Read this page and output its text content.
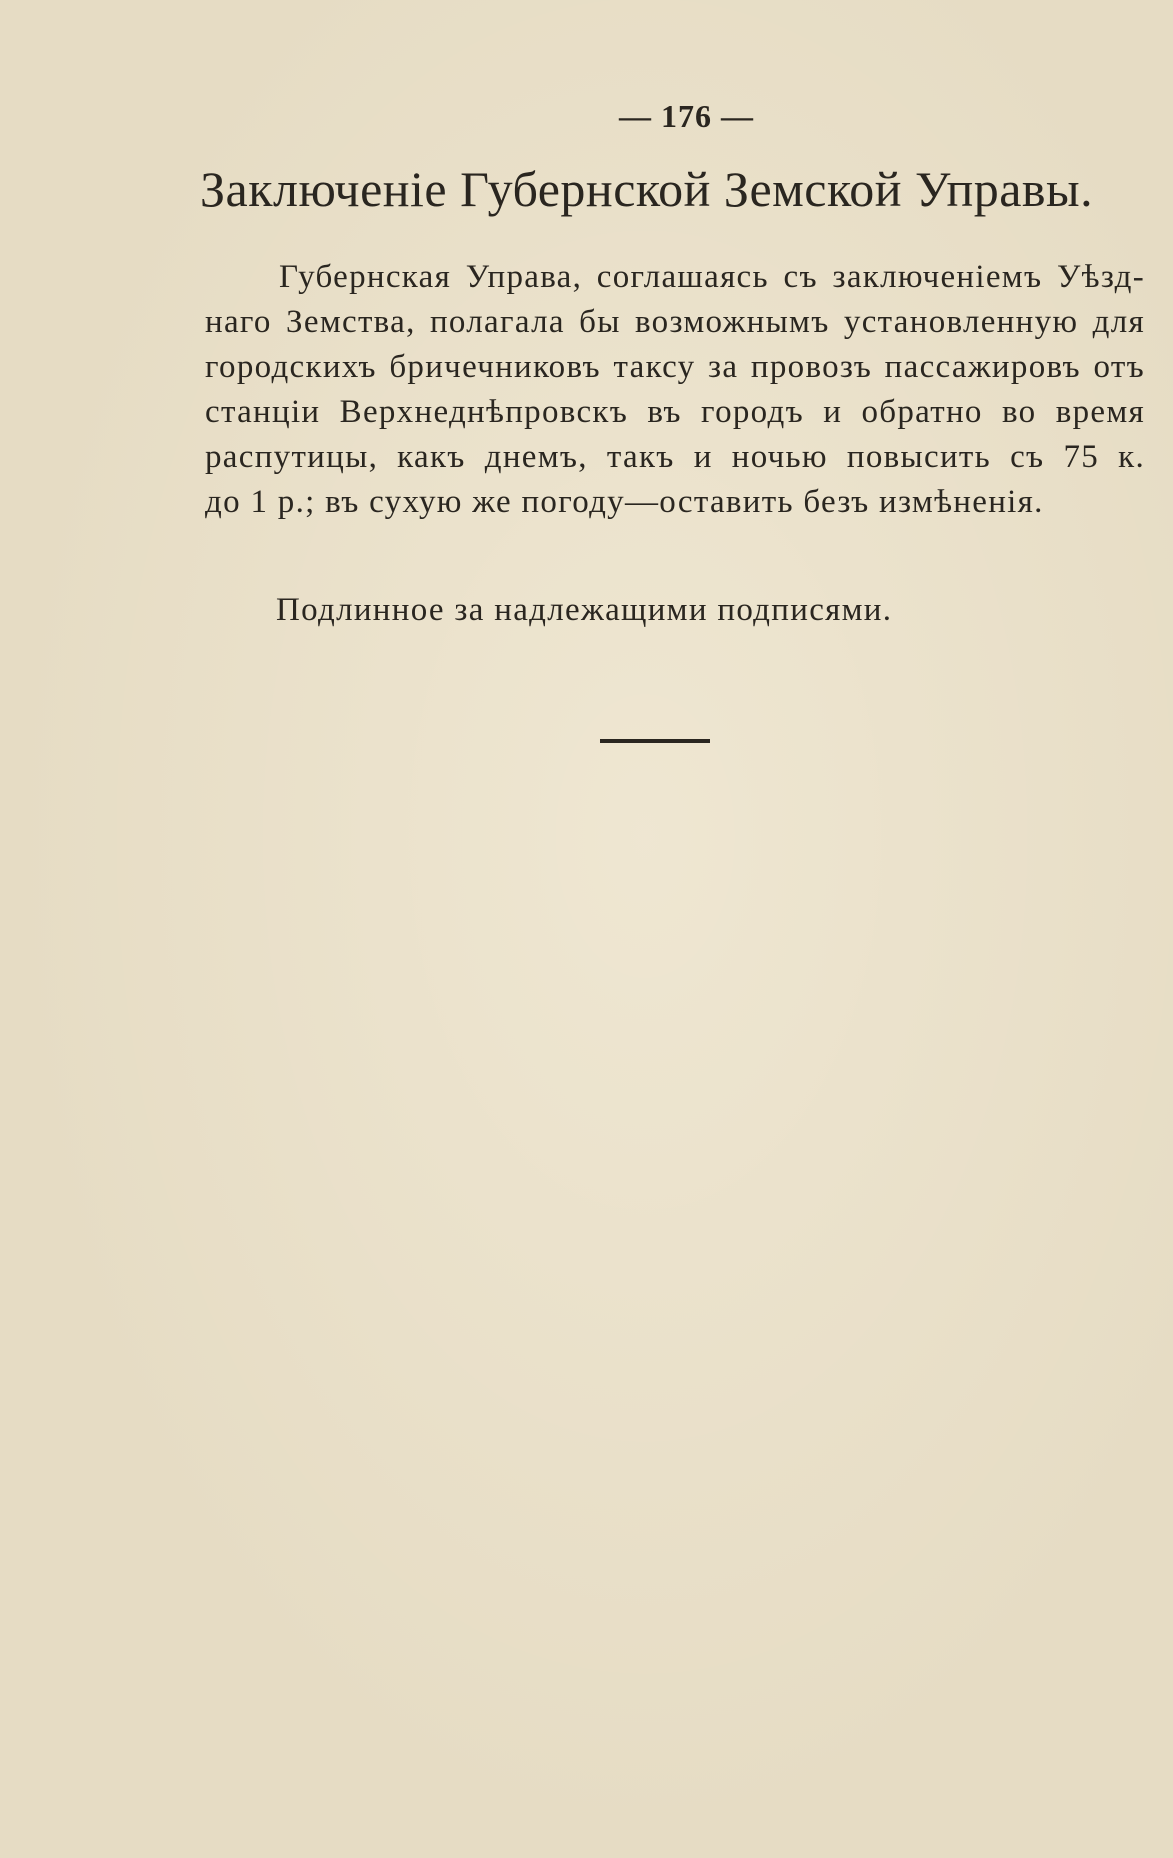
— 176 —
Заключеніе Губернской Земской Управы.
Губернская Управа, соглашаясь съ заключеніемъ Уѣзд-
наго Земства, полагала бы возможнымъ установленную для
городскихъ бричечниковъ таксу за провозъ пассажировъ отъ
станціи Верхнеднѣпровскъ въ городъ и обратно во время
распутицы, какъ днемъ, такъ и ночью повысить съ 75 к.
до 1 р.; въ сухую же погоду—оставить безъ измѣненія.
Подлинное за надлежащими подписями.
